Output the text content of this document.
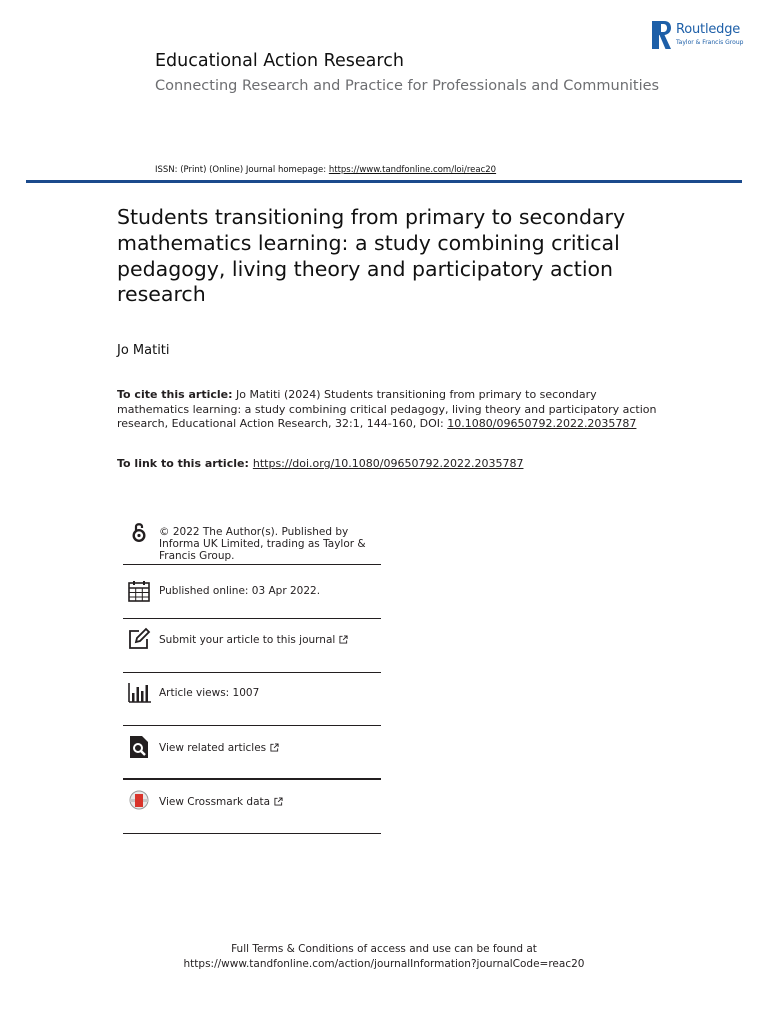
Routledge
Taylor & Francis Group
Educational Action Research
Connecting Research and Practice for Professionals and Communities
ISSN: (Print) (Online) Journal homepage: https://www.tandfonline.com/loi/reac20
Students transitioning from primary to secondary mathematics learning: a study combining critical pedagogy, living theory and participatory action research
Jo Matiti
To cite this article: Jo Matiti (2024) Students transitioning from primary to secondary mathematics learning: a study combining critical pedagogy, living theory and participatory action research, Educational Action Research, 32:1, 144-160, DOI: 10.1080/09650792.2022.2035787
To link to this article: https://doi.org/10.1080/09650792.2022.2035787
© 2022 The Author(s). Published by Informa UK Limited, trading as Taylor & Francis Group.
Published online: 03 Apr 2022.
Submit your article to this journal
Article views: 1007
View related articles
View Crossmark data
Full Terms & Conditions of access and use can be found at
https://www.tandfonline.com/action/journalInformation?journalCode=reac20
